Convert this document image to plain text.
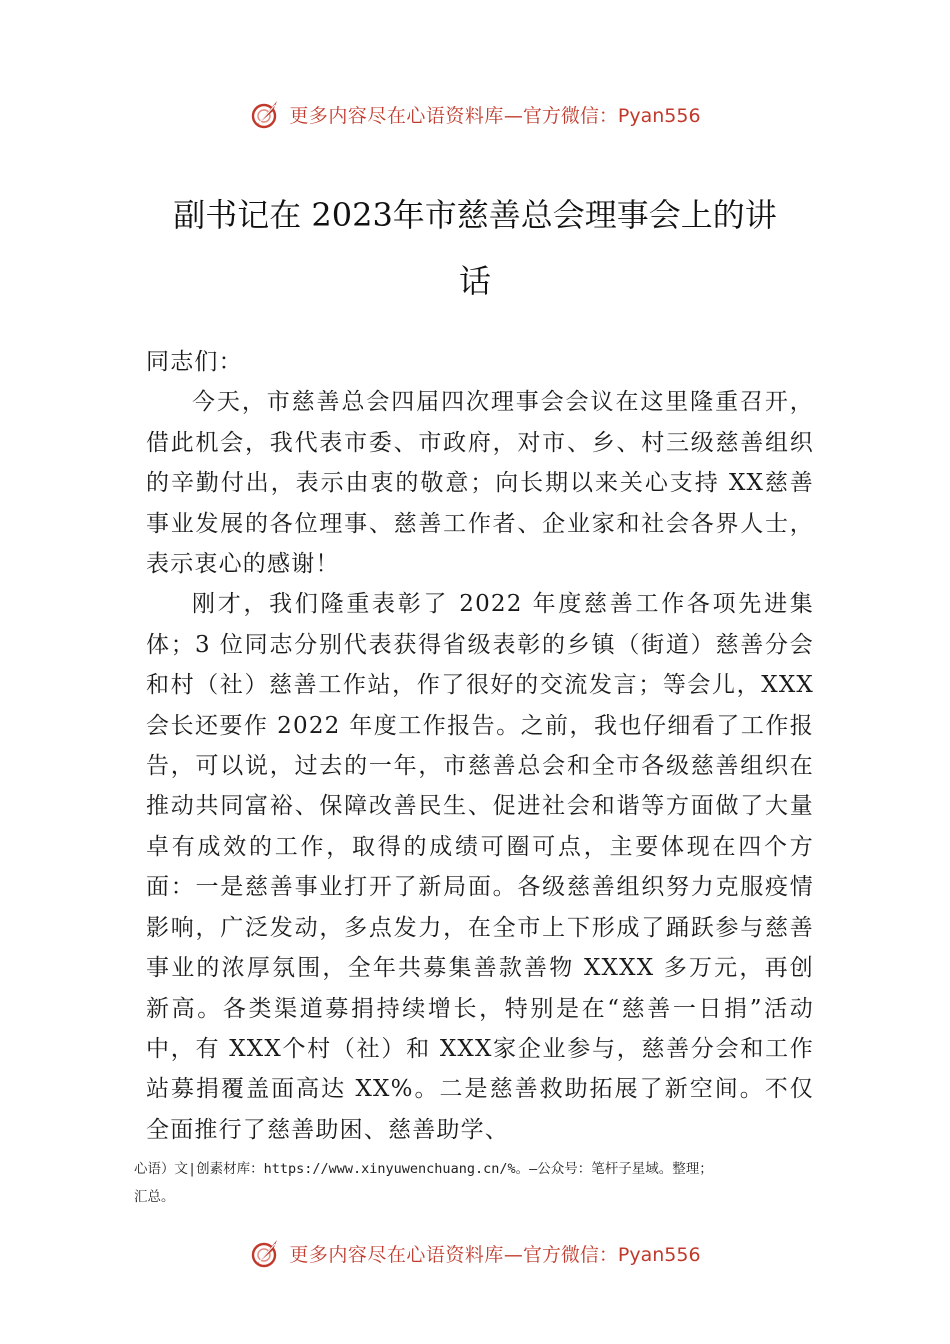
更多内容尽在心语资料库 —官方微信：Pyan556
副书记在 2023年市慈善总会理事会上的讲
话

同志们：

今天，市慈善总会四届四次理事会会议在这里隆重召开，借此机会，我代表市委、市政府，对市、乡、村三级慈善组织的辛勤付出，表示由衷的敬意；向长期以来关心支持 XX慈善事业发展的各位理事、慈善工作者、企业家和社会各界人士，表示衷心的感谢！

刚才，我们隆重表彰了 2022 年度慈善工作各项先进集体；3 位同志分别代表获得省级表彰的乡镇（街道）慈善分会和村（社）慈善工作站，作了很好的交流发言；等会儿，XXX 会长还要作 2022 年度工作报告。之前，我也仔细看了工作报告，可以说，过去的一年，市慈善总会和全市各级慈善组织在推动共同富裕、保障改善民生、促进社会和谐等方面做了大量卓有成效的工作，取得的成绩可圈可点，主要体现在四个方面：一是慈善事业打开了新局面。各级慈善组织努力克服疫情影响，广泛发动，多点发力，在全市上下形成了踊跃参与慈善事业的浓厚氛围，全年共募集善款善物 XXXX 多万元，再创新高。各类渠道募捐持续增长，特别是在“慈善一日捐”活动中，有 XXX个村（社）和 XXX家企业参与，慈善分会和工作站募捐覆盖面高达 XX%。二是慈善救助拓展了新空间。不仅全面推行了慈善助困、慈善助学、

心语）文|创素材库：https://www.xinyuwenchuang.cn/%。—公众号：笔杆子星域。整理；
汇总。
更多内容尽在心语资料库 —官方微信：Pyan556
